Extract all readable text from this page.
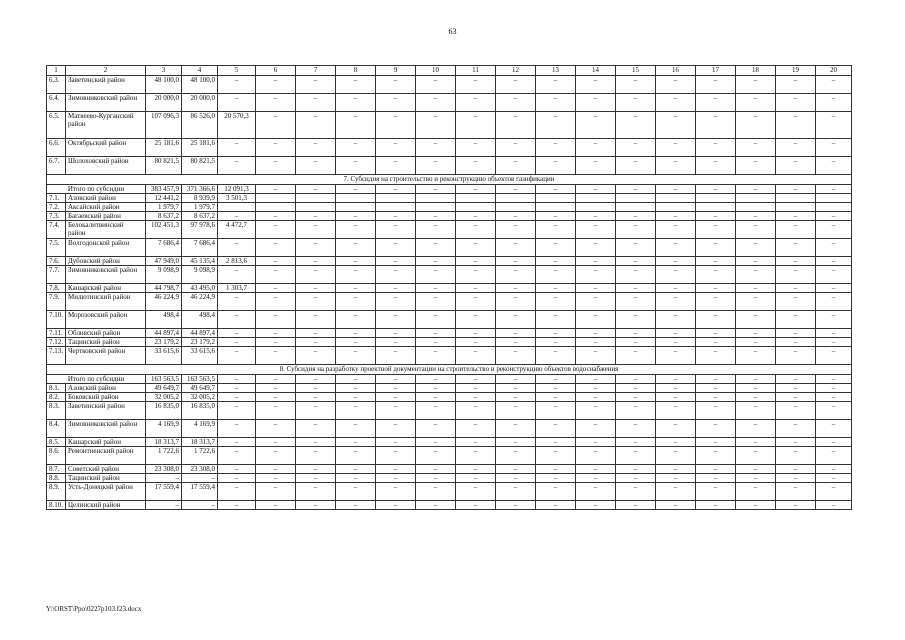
63
1	2	3	4	5	6	7	8	9	10	11	12	13	14	15	16	17	18	19	20
6.3.	Заветинский район	48 100,0	48 100,0	–	–	–	–	–	–	–	–	–	–	–	–	–	–	–	–
6.4.	Зимовниковский район	20 000,0	20 000,0	–	–	–	–	–	–	–	–	–	–	–	–	–	–	–	–
6.5.	Матвеево-Курганский район	107 096,3	86 526,0	20 570,3	–	–	–	–	–	–	–	–	–	–	–	–	–	–	–
6.6.	Октябрьский район	25 181,6	25 181,6	–	–	–	–	–	–	–	–	–	–	–	–	–	–	–	–
6.7.	Шолоховский район	80 821,5	80 821,5	–	–	–	–	–	–	–	–	–	–	–	–	–	–	–	–
7. Субсидия на строительство и реконструкцию объектов газификации																			
Итого по субсидии		383 457,9	371 366,6	12 091,3	–	–	–	–	–	–	–	–	–	–	–	–	–	–	–
7.1.	Азовский район	12 441,2	8 939,9	3 501,3															
7.2.	Аксайский район	1 979,7	1 979,7																
7.3.	Багаевский район	8 637,2	8 637,2	–	–	–	–	–	–	–	–	–	–	–	–	–	–	–	–
7.4.	Белокалитвинский район	102 451,3	97 978,6	4 472,7	–	–	–	–	–	–	–	–	–	–	–	–	–	–	–
7.5.	Волгодонской район	7 686,4	7 686,4	–	–	–	–	–	–	–	–	–	–	–	–	–	–	–	–
7.6.	Дубовский район	47 949,0	45 135,4	2 813,6	–	–	–	–	–	–	–	–	–	–	–	–	–	–	–
7.7.	Зимовниковский район	9 098,9	9 098,9	–	–	–	–	–	–	–	–	–	–	–	–	–	–	–	–
7.8.	Кашарский район	44 798,7	43 495,0	1 303,7	–	–	–	–	–	–	–	–	–	–	–	–	–	–	–
7.9.	Милютинский район	46 224,9	46 224,9	–	–	–	–	–	–	–	–	–	–	–	–	–	–	–	–
7.10.	Морозовский район	498,4	498,4	–	–	–	–	–	–	–	–	–	–	–	–	–	–	–	–
7.11.	Обливский район	44 897,4	44 897,4	–	–	–	–	–	–	–	–	–	–	–	–	–	–	–	–
7.12.	Тацинский район	23 179,2	23 179,2	–	–	–	–	–	–	–	–	–	–	–	–	–	–	–	–
7.13.	Чертковский район	33 615,6	33 615,6	–	–	–	–	–	–	–	–	–	–	–	–	–	–	–	–
8. Субсидия на разработку проектной документации на строительство и реконструкцию объектов водоснабжения																			
Итого по субсидии		163 563,5	163 563,5	–	–	–	–	–	–	–	–	–	–	–	–	–	–	–	–
8.1.	Азовский район	49 649,7	49 649,7	–	–	–	–	–	–	–	–	–	–	–	–	–	–	–	–
8.2.	Боковский район	32 005,2	32 005,2	–	–	–	–	–	–	–	–	–	–	–	–	–	–	–	–
8.3.	Заветинский район	16 835,0	16 835,0	–	–	–	–	–	–	–	–	–	–	–	–	–	–	–	–
8.4.	Зимовниковский район	4 169,9	4 169,9	–	–	–	–	–	–	–	–	–	–	–	–	–	–	–	–
8.5.	Кашарский район	18 313,7	18 313,7	–	–	–	–	–	–	–	–	–	–	–	–	–	–	–	–
8.6.	Ремонтненский район	1 722,6	1 722,6	–	–	–	–	–	–	–	–	–	–	–	–	–	–	–	–
8.7.	Советский район	23 308,0	23 308,0	–	–	–	–	–	–	–	–	–	–	–	–	–	–	–	–
8.8.	Тацинский район	–	–	–	–	–	–	–	–	–	–	–	–	–	–	–	–	–	–
8.9.	Усть-Донецкий район	17 559,4	17 559,4	–	–	–	–	–	–	–	–	–	–	–	–	–	–	–	–
8.10.	Целинский район	–	–	–	–	–	–	–	–	–	–	–	–	–	–	–	–	–	–
Y:\ORST\Ppo\0227p103.f23.docx
